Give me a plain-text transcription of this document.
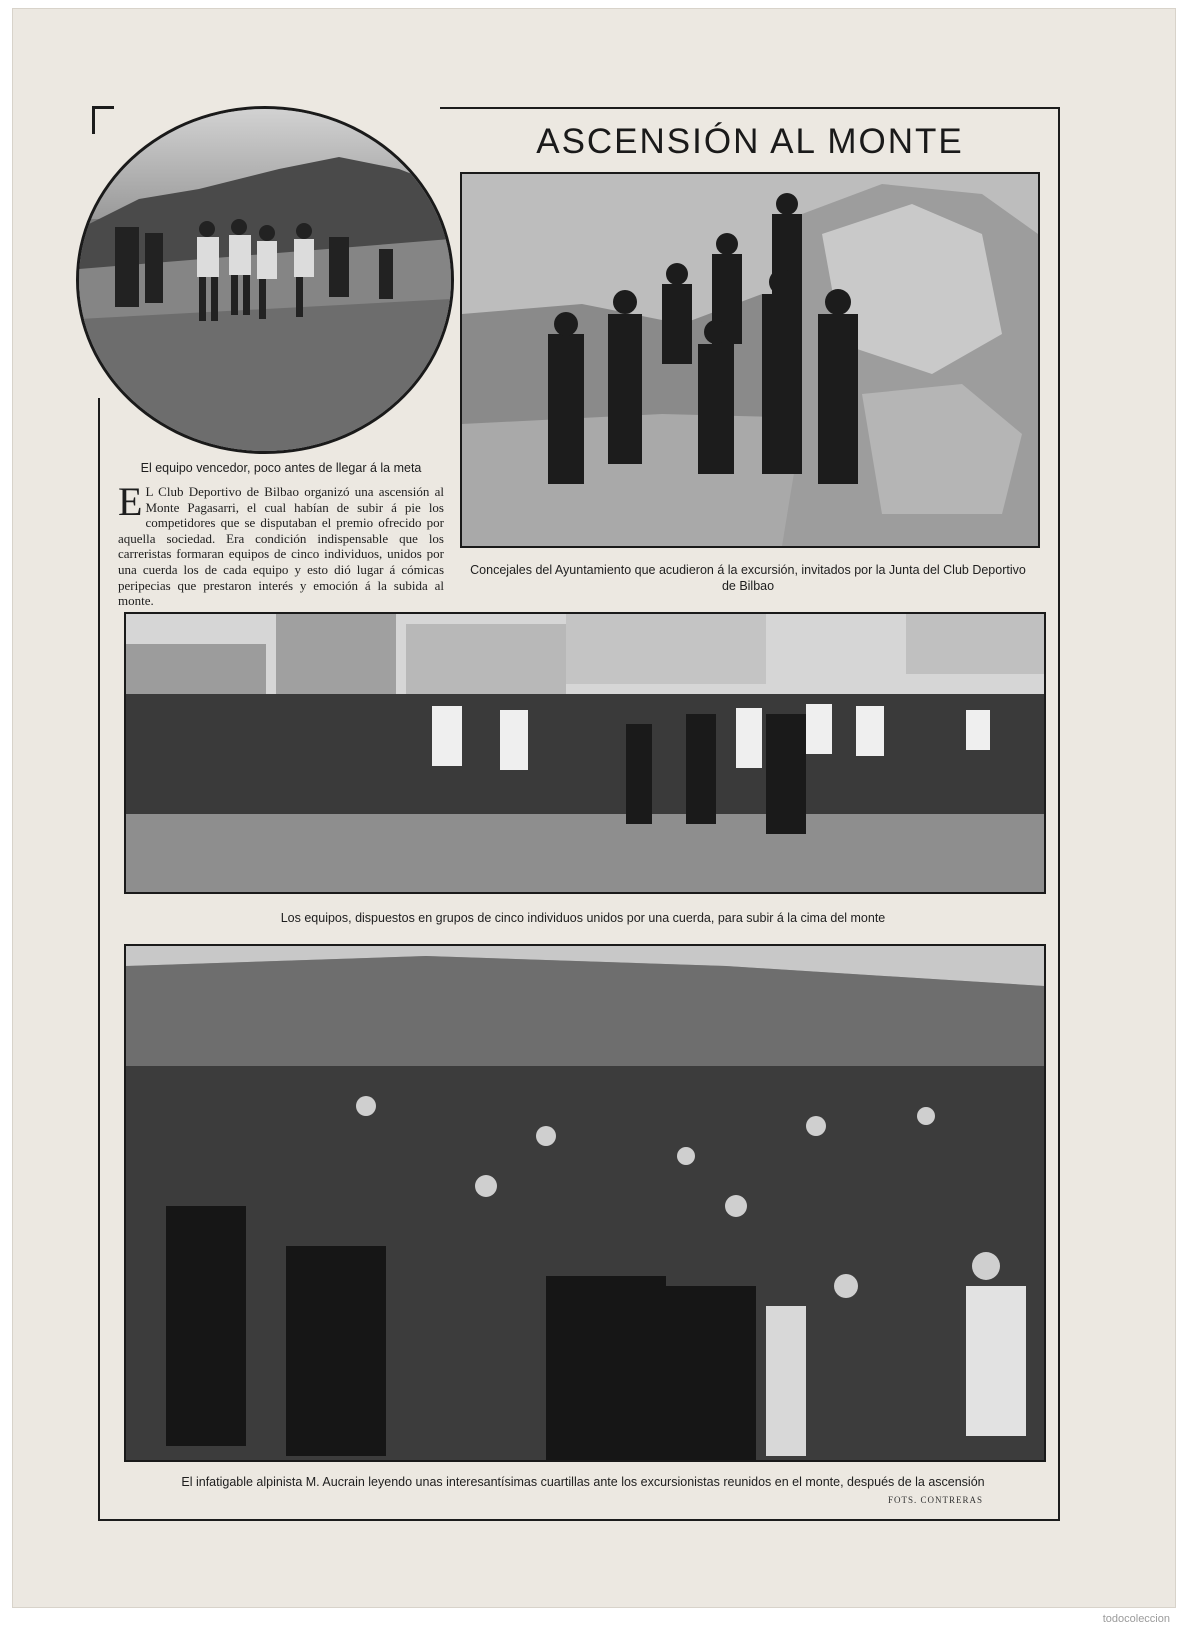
ASCENSIÓN AL MONTE
El equipo vencedor, poco antes de llegar á la meta
E L Club Deportivo de Bilbao organizó una ascensión al Monte Pagasarri, el cual habían de subir á pie los competidores que se disputaban el premio ofrecido por aquella sociedad. Era condición indispensable que los carreristas formaran equipos de cinco individuos, unidos por una cuerda los de cada equipo y esto dió lugar á cómicas peripecias que prestaron interés y emoción á la subida al monte.
Concejales del Ayuntamiento que acudieron á la excursión, invitados por la Junta del Club Deportivo de Bilbao
Los equipos, dispuestos en grupos de cinco individuos unidos por una cuerda, para subir á la cima del monte
El infatigable alpinista M. Aucrain leyendo unas interesantísimas cuartillas ante los excursionistas reunidos en el monte, después de la ascensión
FOTS. CONTRERAS
todocoleccion
